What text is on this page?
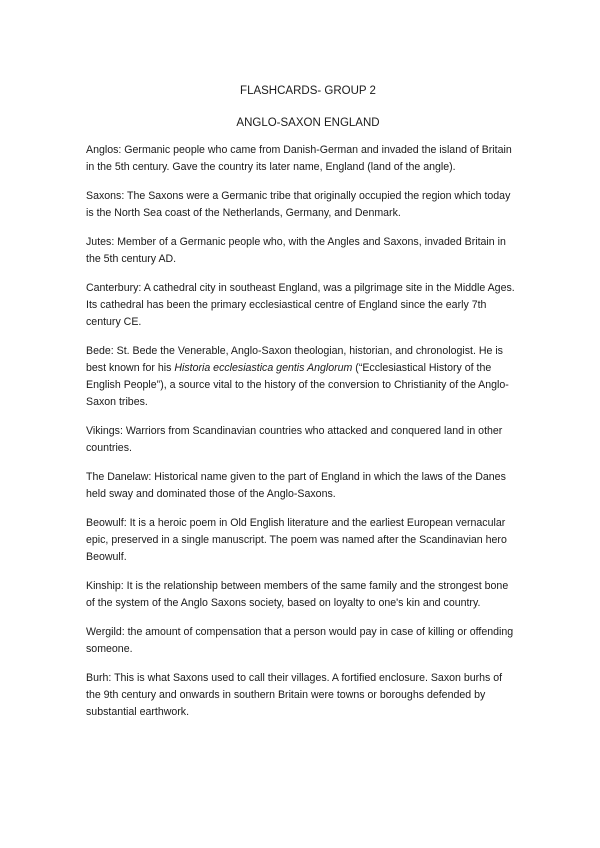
FLASHCARDS- GROUP 2

ANGLO-SAXON ENGLAND

Anglos: Germanic people who came from Danish-German and invaded the island of Britain in the 5th century. Gave the country its later name, England (land of the angle).

Saxons: The Saxons were a Germanic tribe that originally occupied the region which today is the North Sea coast of the Netherlands, Germany, and Denmark.

Jutes: Member of a Germanic people who, with the Angles and Saxons, invaded Britain in the 5th century AD.

Canterbury: A cathedral city in southeast England, was a pilgrimage site in the Middle Ages. Its cathedral has been the primary ecclesiastical centre of England since the early 7th century CE.

Bede: St. Bede the Venerable, Anglo-Saxon theologian, historian, and chronologist. He is best known for his Historia ecclesiastica gentis Anglorum (“Ecclesiastical History of the English People”), a source vital to the history of the conversion to Christianity of the Anglo-Saxon tribes.

Vikings: Warriors from Scandinavian countries who attacked and conquered land in other countries.

The Danelaw: Historical name given to the part of England in which the laws of the Danes held sway and dominated those of the Anglo-Saxons.

Beowulf: It is a heroic poem in Old English literature and the earliest European vernacular epic, preserved in a single manuscript. The poem was named after the Scandinavian hero Beowulf.

Kinship: It is the relationship between members of the same family and the strongest bone of the system of the Anglo Saxons society, based on loyalty to one's kin and country.

Wergild: the amount of compensation that a person would pay in case of killing or offending someone.

Burh: This is what Saxons used to call their villages. A fortified enclosure. Saxon burhs of the 9th century and onwards in southern Britain were towns or boroughs defended by substantial earthwork.
